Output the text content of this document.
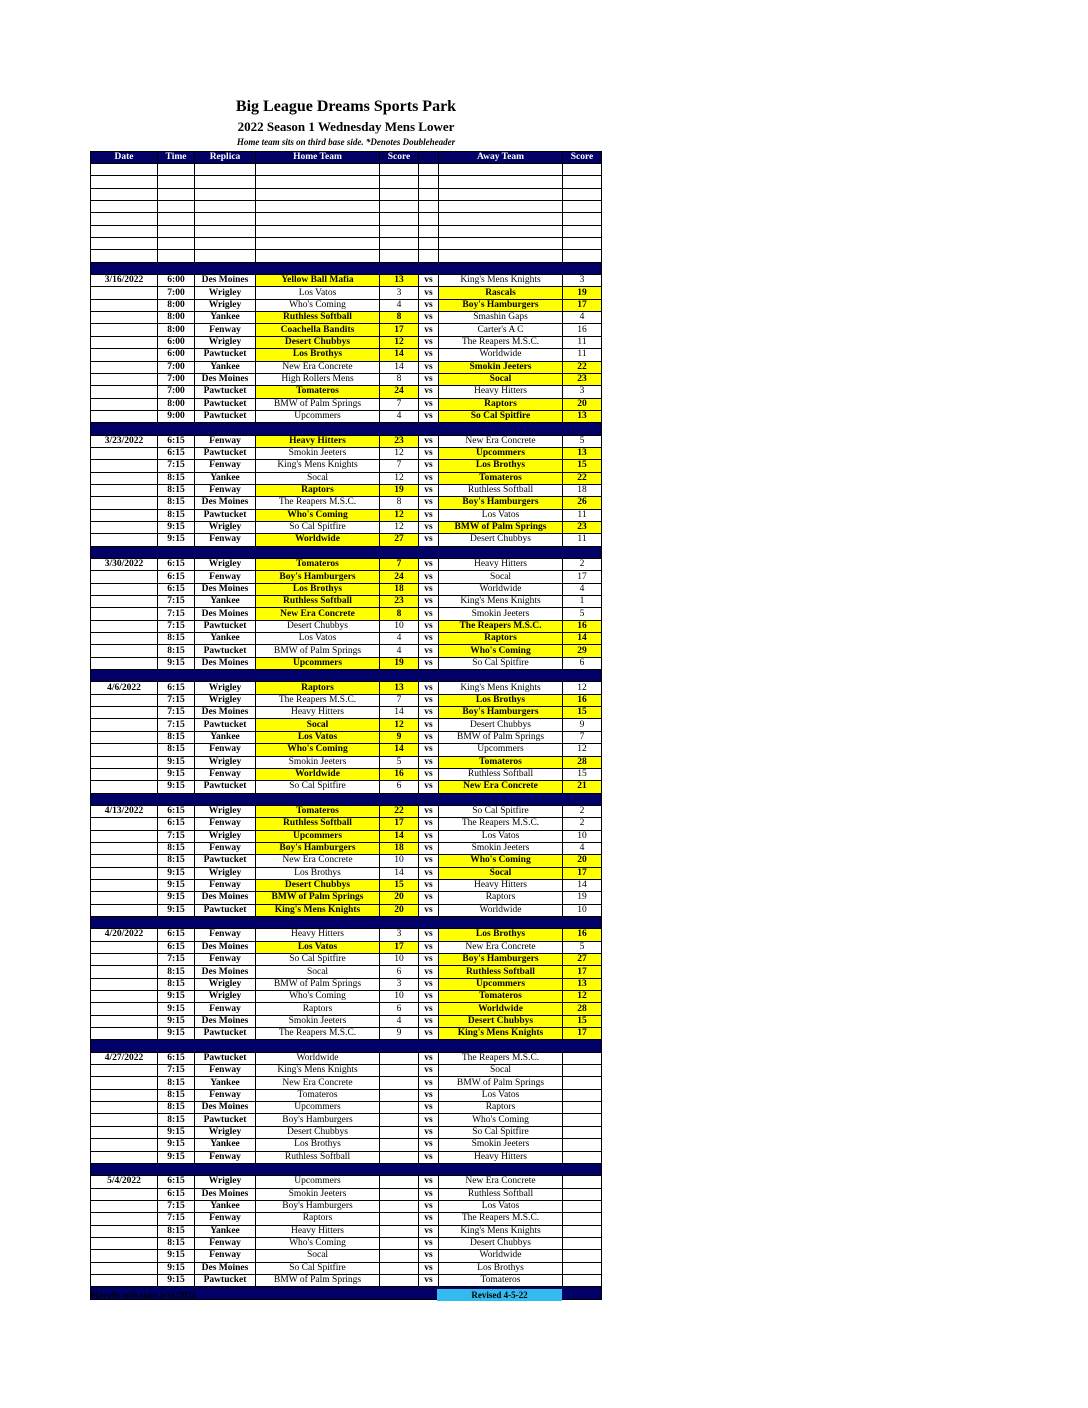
Big League Dreams Sports Park
2022 Season 1 Wednesday Mens Lower
Home team sits on third base side. *Denotes Doubleheader
Date	Time	Replica	Home Team	Score		Away Team	Score

3/16/2022	6:00	Des Moines	Yellow Ball Mafia	13	vs	King's Mens Knights	3
	7:00	Wrigley	Los Vatos	3	vs	Rascals	19
	8:00	Wrigley	Who's Coming	4	vs	Boy's Hamburgers	17
	8:00	Yankee	Ruthless Softball	8	vs	Smashin Gaps	4
	8:00	Fenway	Coachella Bandits	17	vs	Carter's A C	16
	6:00	Wrigley	Desert Chubbys	12	vs	The Reapers M.S.C.	11
	6:00	Pawtucket	Los Brothys	14	vs	Worldwide	11
	7:00	Yankee	New Era Concrete	14	vs	Smokin Jeeters	22
	7:00	Des Moines	High Rollers Mens	8	vs	Socal	23
	7:00	Pawtucket	Tomateros	24	vs	Heavy Hitters	3
	8:00	Pawtucket	BMW of Palm Springs	7	vs	Raptors	20
	9:00	Pawtucket	Upcommers	4	vs	So Cal Spitfire	13

3/23/2022	6:15	Fenway	Heavy Hitters	23	vs	New Era Concrete	5
	6:15	Pawtucket	Smokin Jeeters	12	vs	Upcommers	13
	7:15	Fenway	King's Mens Knights	7	vs	Los Brothys	15
	8:15	Yankee	Socal	12	vs	Tomateros	22
	8:15	Fenway	Raptors	19	vs	Ruthless Softball	18
	8:15	Des Moines	The Reapers M.S.C.	8	vs	Boy's Hamburgers	26
	8:15	Pawtucket	Who's Coming	12	vs	Los Vatos	11
	9:15	Wrigley	So Cal Spitfire	12	vs	BMW of Palm Springs	23
	9:15	Fenway	Worldwide	27	vs	Desert Chubbys	11

3/30/2022	6:15	Wrigley	Tomateros	7	vs	Heavy Hitters	2
	6:15	Fenway	Boy's Hamburgers	24	vs	Socal	17
	6:15	Des Moines	Los Brothys	18	vs	Worldwide	4
	7:15	Yankee	Ruthless Softball	23	vs	King's Mens Knights	1
	7:15	Des Moines	New Era Concrete	8	vs	Smokin Jeeters	5
	7:15	Pawtucket	Desert Chubbys	10	vs	The Reapers M.S.C.	16
	8:15	Yankee	Los Vatos	4	vs	Raptors	14
	8:15	Pawtucket	BMW of Palm Springs	4	vs	Who's Coming	29
	9:15	Des Moines	Upcommers	19	vs	So Cal Spitfire	6

4/6/2022	6:15	Wrigley	Raptors	13	vs	King's Mens Knights	12
	7:15	Wrigley	The Reapers M.S.C.	7	vs	Los Brothys	16
	7:15	Des Moines	Heavy Hitters	14	vs	Boy's Hamburgers	15
	7:15	Pawtucket	Socal	12	vs	Desert Chubbys	9
	8:15	Yankee	Los Vatos	9	vs	BMW of Palm Springs	7
	8:15	Fenway	Who's Coming	14	vs	Upcommers	12
	9:15	Wrigley	Smokin Jeeters	5	vs	Tomateros	28
	9:15	Fenway	Worldwide	16	vs	Ruthless Softball	15
	9:15	Pawtucket	So Cal Spitfire	6	vs	New Era Concrete	21

4/13/2022	6:15	Wrigley	Tomateros	22	vs	So Cal Spitfire	2
	6:15	Fenway	Ruthless Softball	17	vs	The Reapers M.S.C.	2
	7:15	Wrigley	Upcommers	14	vs	Los Vatos	10
	8:15	Fenway	Boy's Hamburgers	18	vs	Smokin Jeeters	4
	8:15	Pawtucket	New Era Concrete	10	vs	Who's Coming	20
	9:15	Wrigley	Los Brothys	14	vs	Socal	17
	9:15	Fenway	Desert Chubbys	15	vs	Heavy Hitters	14
	9:15	Des Moines	BMW of Palm Springs	20	vs	Raptors	19
	9:15	Pawtucket	King's Mens Knights	20	vs	Worldwide	10

4/20/2022	6:15	Fenway	Heavy Hitters	3	vs	Los Brothys	16
	6:15	Des Moines	Los Vatos	17	vs	New Era Concrete	5
	7:15	Fenway	So Cal Spitfire	10	vs	Boy's Hamburgers	27
	8:15	Des Moines	Socal	6	vs	Ruthless Softball	17
	8:15	Wrigley	BMW of Palm Springs	3	vs	Upcommers	13
	9:15	Wrigley	Who's Coming	10	vs	Tomateros	12
	9:15	Fenway	Raptors	6	vs	Worldwide	28
	9:15	Des Moines	Smokin Jeeters	4	vs	Desert Chubbys	15
	9:15	Pawtucket	The Reapers M.S.C.	9	vs	King's Mens Knights	17

4/27/2022	6:15	Pawtucket	Worldwide		vs	The Reapers M.S.C.	
	7:15	Fenway	King's Mens Knights		vs	Socal	
	8:15	Yankee	New Era Concrete		vs	BMW of Palm Springs	
	8:15	Fenway	Tomateros		vs	Los Vatos	
	8:15	Des Moines	Upcommers		vs	Raptors	
	8:15	Pawtucket	Boy's Hamburgers		vs	Who's Coming	
	9:15	Wrigley	Desert Chubbys		vs	So Cal Spitfire	
	9:15	Yankee	Los Brothys		vs	Smokin Jeeters	
	9:15	Fenway	Ruthless Softball		vs	Heavy Hitters	

5/4/2022	6:15	Wrigley	Upcommers		vs	New Era Concrete	
	6:15	Des Moines	Smokin Jeeters		vs	Ruthless Softball	
	7:15	Yankee	Boy's Hamburgers		vs	Los Vatos	
	7:15	Fenway	Raptors		vs	The Reapers M.S.C.	
	8:15	Yankee	Heavy Hitters		vs	King's Mens Knights	
	8:15	Fenway	Who's Coming		vs	Desert Chubbys	
	9:15	Fenway	Socal		vs	Worldwide	
	9:15	Des Moines	So Cal Spitfire		vs	Los Brothys	
	9:15	Pawtucket	BMW of Palm Springs		vs	Tomateros	

Playoffs will start 5/11/2022	Revised 4-5-22
